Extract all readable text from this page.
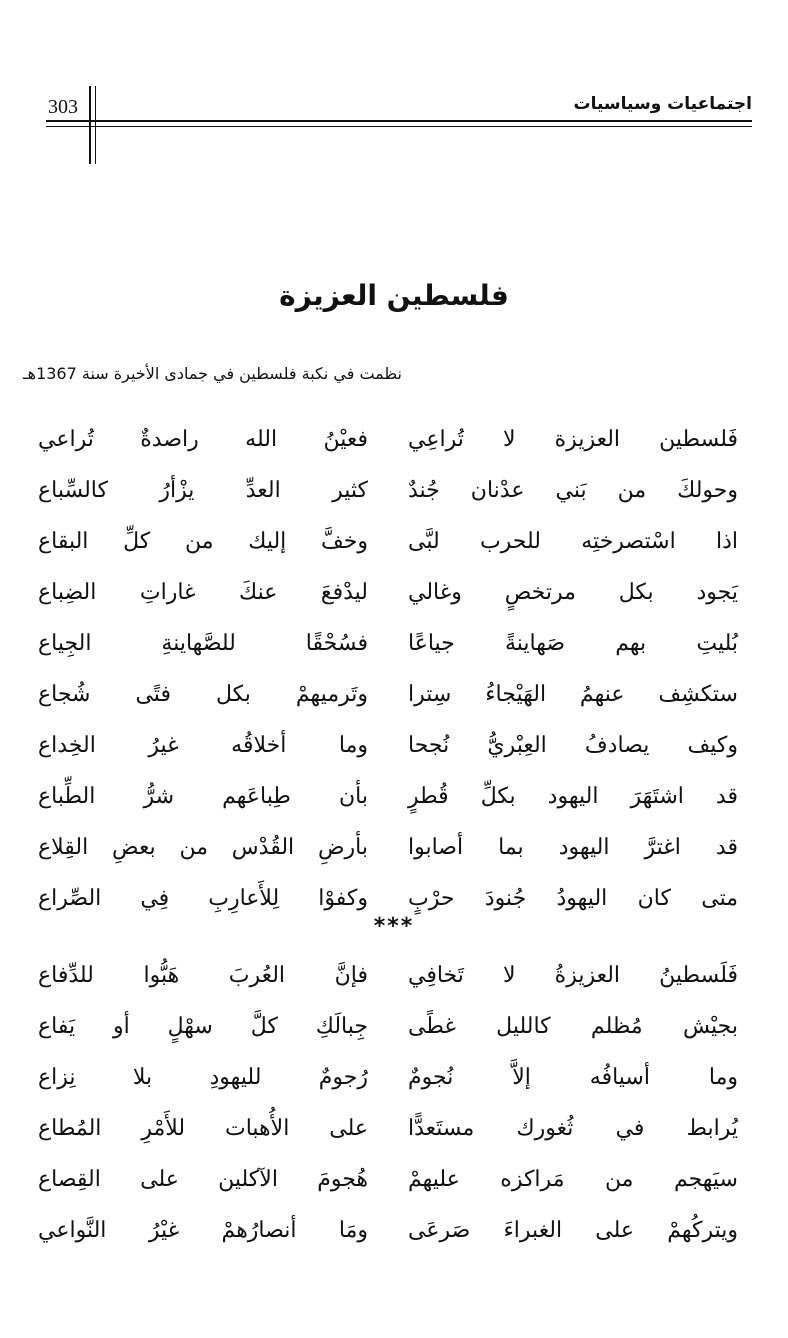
303	اجتماعيات وسياسيات
فلسطين العزيزة
نظمت في نكبة فلسطين في جمادى الأخيرة سنة 1367هـ
فَلسطين العزيزة لا تُراعِي
فعيْنُ الله راصدةٌ تُراعي
وحولكَ من بَني عدْنان جُندٌ
كثير العدِّ يزْأرُ كالسِّباع
اذا اسْتصرختِه للحرب لبَّى
وخفَّ إليك من كلِّ البقاع
يَجود بكل مرتخصٍ وغالي
ليدْفعَ عنكَ غاراتِ الضِباع
بُليتِ بهم صَهاينةً جياعًا
فسُحْقًا للصَّهاينةِ الجِياع
ستكشِف عنهمُ الهَيْجاءُ سِترا
وتَرميهمْ بكل فتًى شُجاع
وكيف يصادفُ العِبْريُّ نُجحا
وما أخلاقُه غيرُ الخِداع
قد اشتَهَرَ اليهود بكلِّ قُطرٍ
بأن طِباعَهم شرُّ الطِّباع
قد اغترَّ اليهود بما أصابوا
بأرضِ القُدْس من بعضِ القِلاع
متى كان اليهودُ جُنودَ حرْبٍ
وكفوْا لِلأَعارِبِ فِي الصِّراع
***
فَلَسطينُ العزيزةُ لا تَخافِي
فإنَّ العُربَ هَبُّوا للدِّفاع
بجيْش مُظلم كالليل غطًى
جِبالَكِ كلَّ سهْلٍ أو يَفاع
وما أسيافُه إلاَّ نُجومٌ
رُجومٌ لليهودِ بلا نِزاع
يُرابط في ثُغورك مستَعدًّا
على الأُهبات للأَمْرِ المُطاع
سيَهجم من مَراكزه عليهمْ
هُجومَ الآكلين على القِصاع
ويتركُهمْ على الغبراءَ صَرعَى
ومَا أنصارُهمْ غيْرُ النَّواعي
